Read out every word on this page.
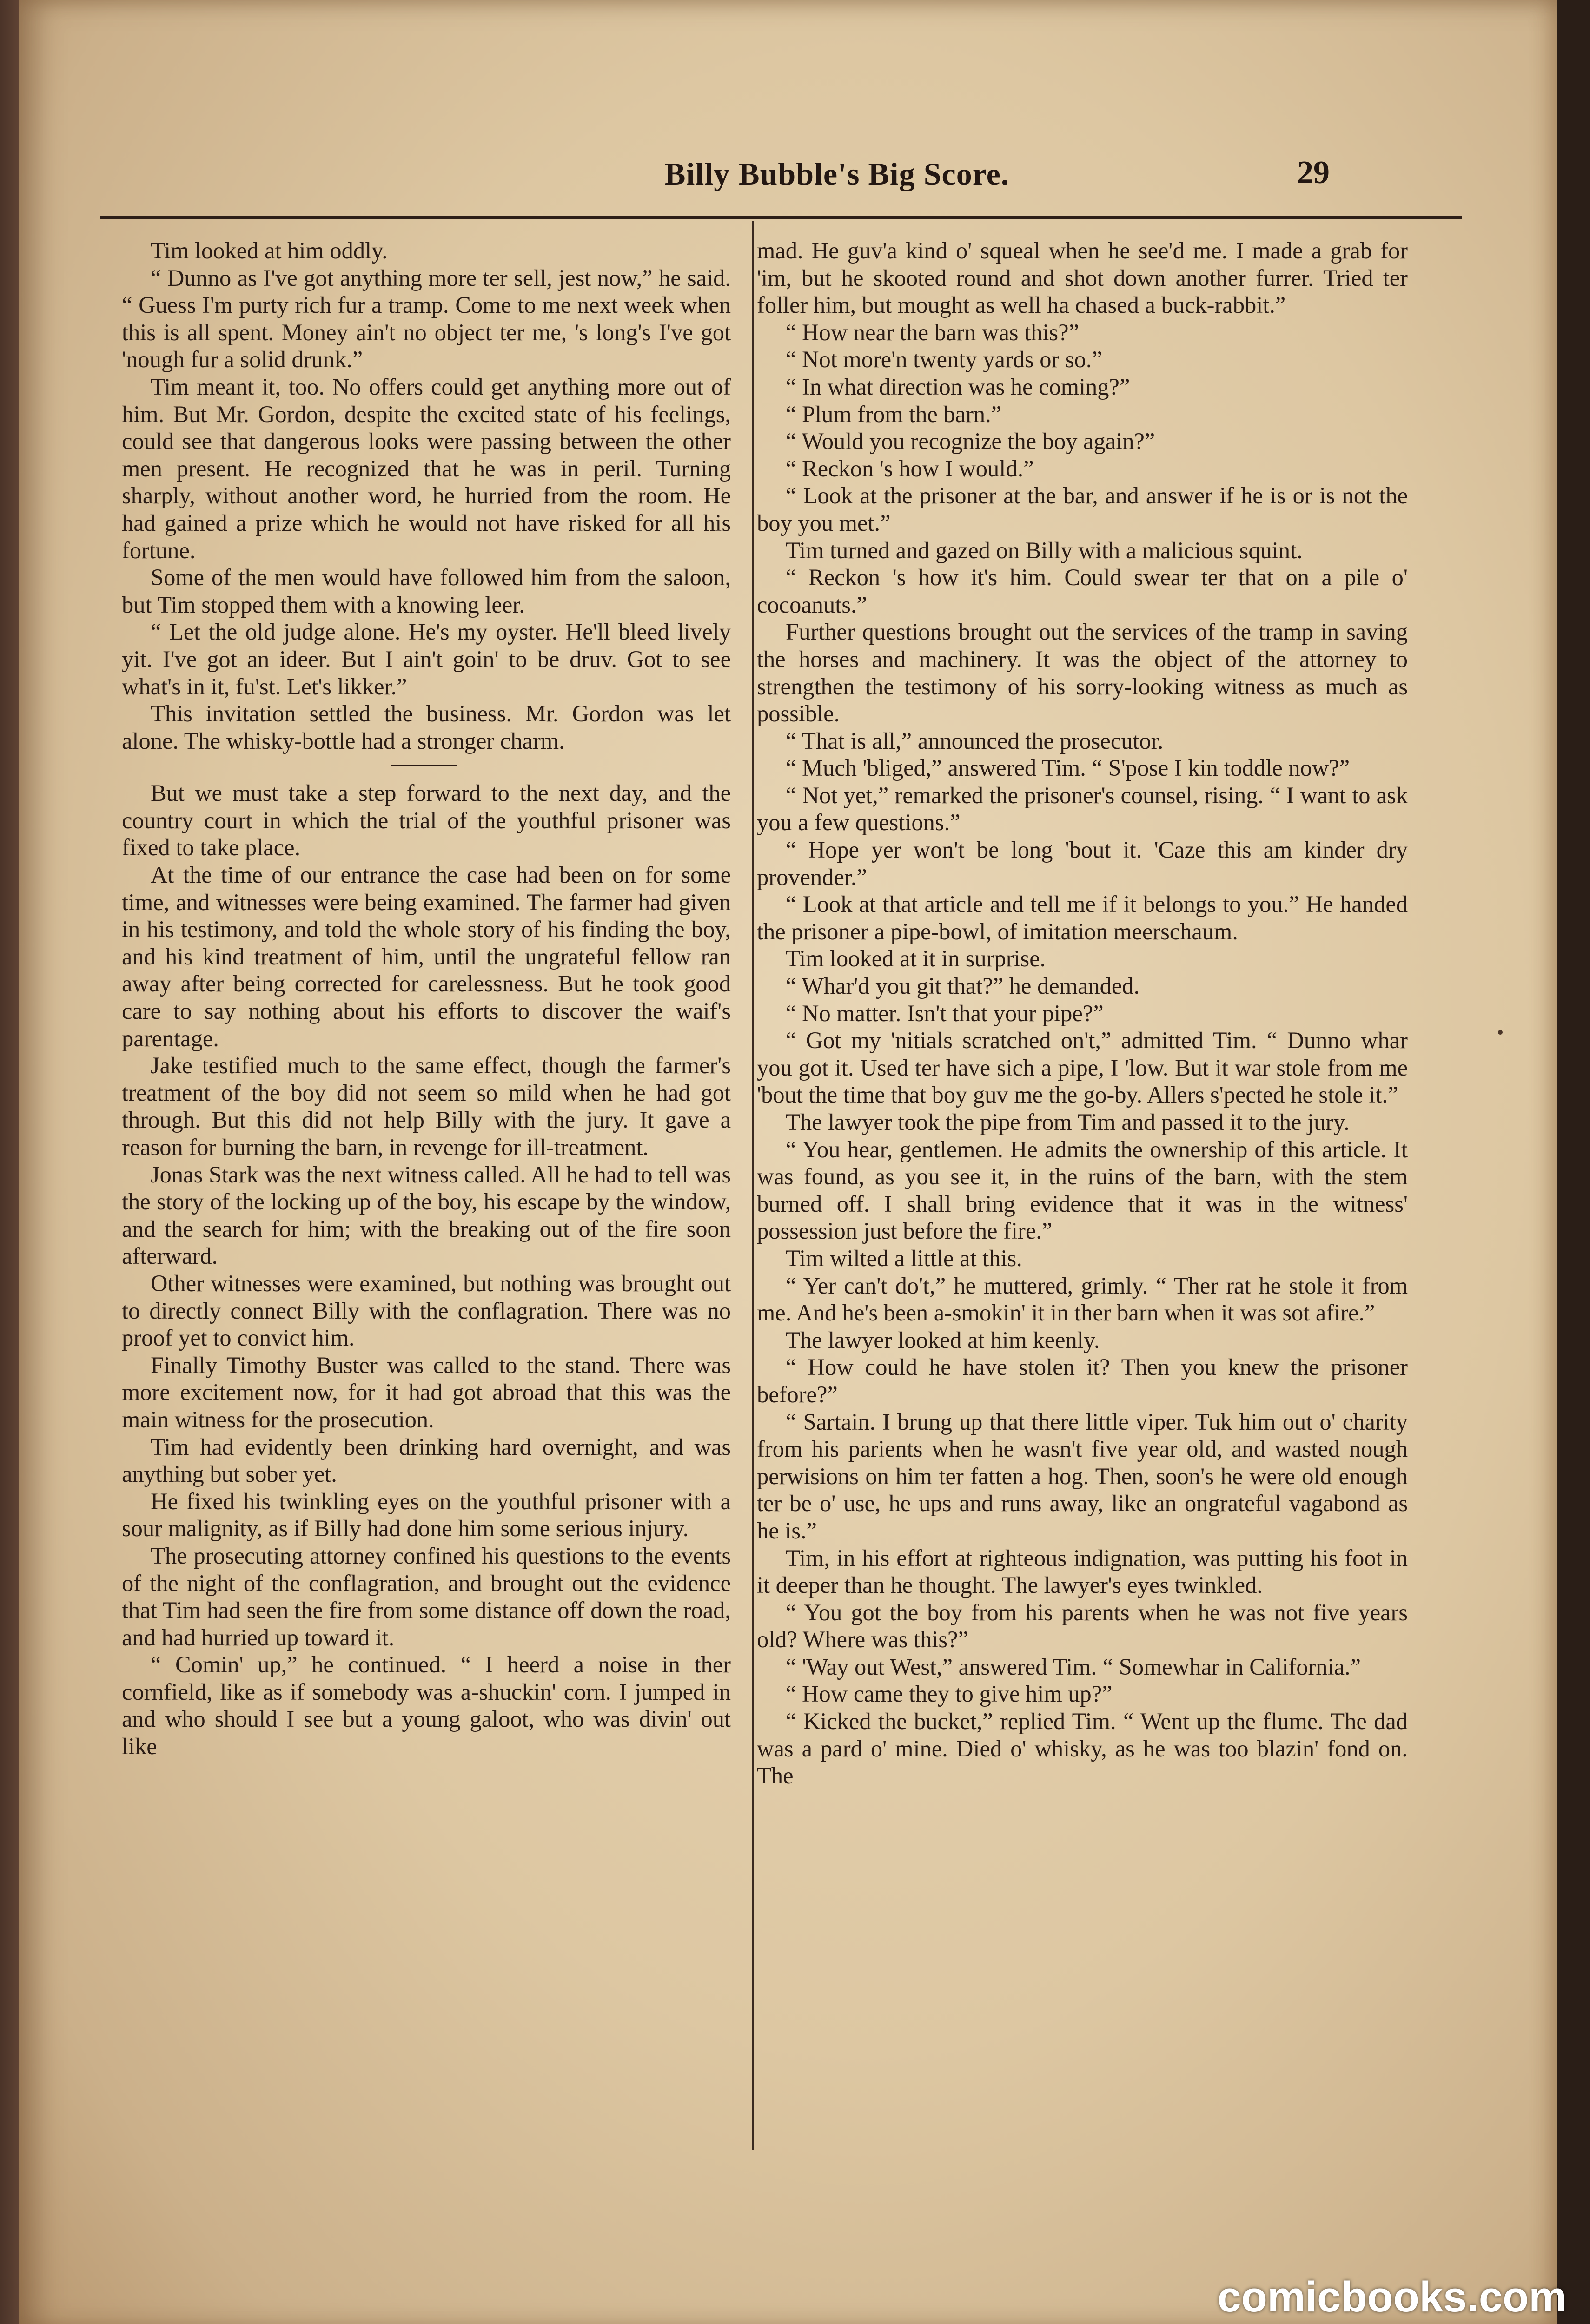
Billy Bubble's Big Score.	29

Tim looked at him oddly.

“ Dunno as I've got anything more ter sell, jest now,” he said. “ Guess I'm purty rich fur a tramp. Come to me next week when this is all spent. Money ain't no object ter me, 's long's I've got 'nough fur a solid drunk.”

Tim meant it, too. No offers could get anything more out of him. But Mr. Gordon, despite the excited state of his feelings, could see that dangerous looks were passing between the other men present. He recognized that he was in peril. Turning sharply, without another word, he hurried from the room. He had gained a prize which he would not have risked for all his fortune.

Some of the men would have followed him from the saloon, but Tim stopped them with a knowing leer.

“ Let the old judge alone. He's my oyster. He'll bleed lively yit. I've got an ideer. But I ain't goin' to be druv. Got to see what's in it, fu'st. Let's likker.”

This invitation settled the business. Mr. Gordon was let alone. The whisky-bottle had a stronger charm.

But we must take a step forward to the next day, and the country court in which the trial of the youthful prisoner was fixed to take place.

At the time of our entrance the case had been on for some time, and witnesses were being examined. The farmer had given in his testimony, and told the whole story of his finding the boy, and his kind treatment of him, until the ungrateful fellow ran away after being corrected for carelessness. But he took good care to say nothing about his efforts to discover the waif's parentage.

Jake testified much to the same effect, though the farmer's treatment of the boy did not seem so mild when he had got through. But this did not help Billy with the jury. It gave a reason for burning the barn, in revenge for ill-treatment.

Jonas Stark was the next witness called. All he had to tell was the story of the locking up of the boy, his escape by the window, and the search for him; with the breaking out of the fire soon afterward.

Other witnesses were examined, but nothing was brought out to directly connect Billy with the conflagration. There was no proof yet to convict him.

Finally Timothy Buster was called to the stand. There was more excitement now, for it had got abroad that this was the main witness for the prosecution.

Tim had evidently been drinking hard overnight, and was anything but sober yet.

He fixed his twinkling eyes on the youthful prisoner with a sour malignity, as if Billy had done him some serious injury.

The prosecuting attorney confined his questions to the events of the night of the conflagration, and brought out the evidence that Tim had seen the fire from some distance off down the road, and had hurried up toward it.

“ Comin' up,” he continued. “ I heerd a noise in ther cornfield, like as if somebody was a-shuckin' corn. I jumped in and who should I see but a young galoot, who was divin' out like

mad. He guv'a kind o' squeal when he see'd me. I made a grab for 'im, but he skooted round and shot down another furrer. Tried ter foller him, but mought as well ha chased a buck-rabbit.”

“ How near the barn was this?”

“ Not more'n twenty yards or so.”

“ In what direction was he coming?”

“ Plum from the barn.”

“ Would you recognize the boy again?”

“ Reckon 's how I would.”

“ Look at the prisoner at the bar, and answer if he is or is not the boy you met.”

Tim turned and gazed on Billy with a malicious squint.

“ Reckon 's how it's him. Could swear ter that on a pile o' cocoanuts.”

Further questions brought out the services of the tramp in saving the horses and machinery. It was the object of the attorney to strengthen the testimony of his sorry-looking witness as much as possible.

“ That is all,” announced the prosecutor.

“ Much 'bliged,” answered Tim. “ S'pose I kin toddle now?”

“ Not yet,” remarked the prisoner's counsel, rising. “ I want to ask you a few questions.”

“ Hope yer won't be long 'bout it. 'Caze this am kinder dry provender.”

“ Look at that article and tell me if it belongs to you.” He handed the prisoner a pipe-bowl, of imitation meerschaum.

Tim looked at it in surprise.

“ Whar'd you git that?” he demanded.

“ No matter. Isn't that your pipe?”

“ Got my 'nitials scratched on't,” admitted Tim. “ Dunno whar you got it. Used ter have sich a pipe, I 'low. But it war stole from me 'bout the time that boy guv me the go-by. Allers s'pected he stole it.”

The lawyer took the pipe from Tim and passed it to the jury.

“ You hear, gentlemen. He admits the ownership of this article. It was found, as you see it, in the ruins of the barn, with the stem burned off. I shall bring evidence that it was in the witness' possession just before the fire.”

Tim wilted a little at this.

“ Yer can't do't,” he muttered, grimly. “ Ther rat he stole it from me. And he's been a-smokin' it in ther barn when it was sot afire.”

The lawyer looked at him keenly.

“ How could he have stolen it? Then you knew the prisoner before?”

“ Sartain. I brung up that there little viper. Tuk him out o' charity from his parients when he wasn't five year old, and wasted nough perwisions on him ter fatten a hog. Then, soon's he were old enough ter be o' use, he ups and runs away, like an ongrateful vagabond as he is.”

Tim, in his effort at righteous indignation, was putting his foot in it deeper than he thought. The lawyer's eyes twinkled.

“ You got the boy from his parents when he was not five years old? Where was this?”

“ 'Way out West,” answered Tim. “ Somewhar in California.”

“ How came they to give him up?”

“ Kicked the bucket,” replied Tim. “ Went up the flume. The dad was a pard o' mine. Died o' whisky, as he was too blazin' fond on. The

comicbooks.com
